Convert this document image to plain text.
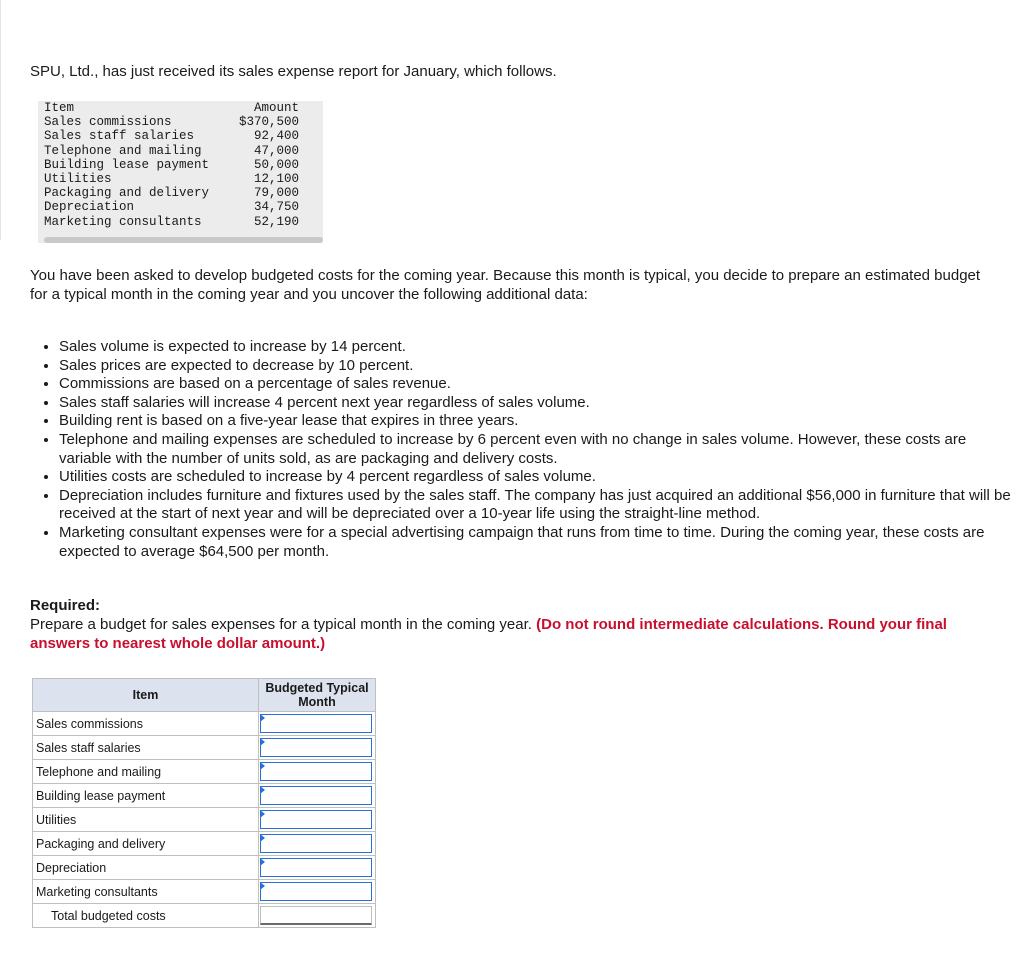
SPU, Ltd., has just received its sales expense report for January, which follows.
Item	Amount
Sales commissions	$370,500
Sales staff salaries	92,400
Telephone and mailing	47,000
Building lease payment	50,000
Utilities	12,100
Packaging and delivery	79,000
Depreciation	34,750
Marketing consultants	52,190
You have been asked to develop budgeted costs for the coming year. Because this month is typical, you decide to prepare an estimated budget for a typical month in the coming year and you uncover the following additional data:
• Sales volume is expected to increase by 14 percent.
• Sales prices are expected to decrease by 10 percent.
• Commissions are based on a percentage of sales revenue.
• Sales staff salaries will increase 4 percent next year regardless of sales volume.
• Building rent is based on a five-year lease that expires in three years.
• Telephone and mailing expenses are scheduled to increase by 6 percent even with no change in sales volume. However, these costs are variable with the number of units sold, as are packaging and delivery costs.
• Utilities costs are scheduled to increase by 4 percent regardless of sales volume.
• Depreciation includes furniture and fixtures used by the sales staff. The company has just acquired an additional $56,000 in furniture that will be received at the start of next year and will be depreciated over a 10-year life using the straight-line method.
• Marketing consultant expenses were for a special advertising campaign that runs from time to time. During the coming year, these costs are expected to average $64,500 per month.
Required:
Prepare a budget for sales expenses for a typical month in the coming year. (Do not round intermediate calculations. Round your final answers to nearest whole dollar amount.)
Item	Budgeted Typical Month
Sales commissions	

Sales staff salaries	

Telephone and mailing	

Building lease payment	

Utilities	

Packaging and delivery	

Depreciation	

Marketing consultants	

Total budgeted costs	
